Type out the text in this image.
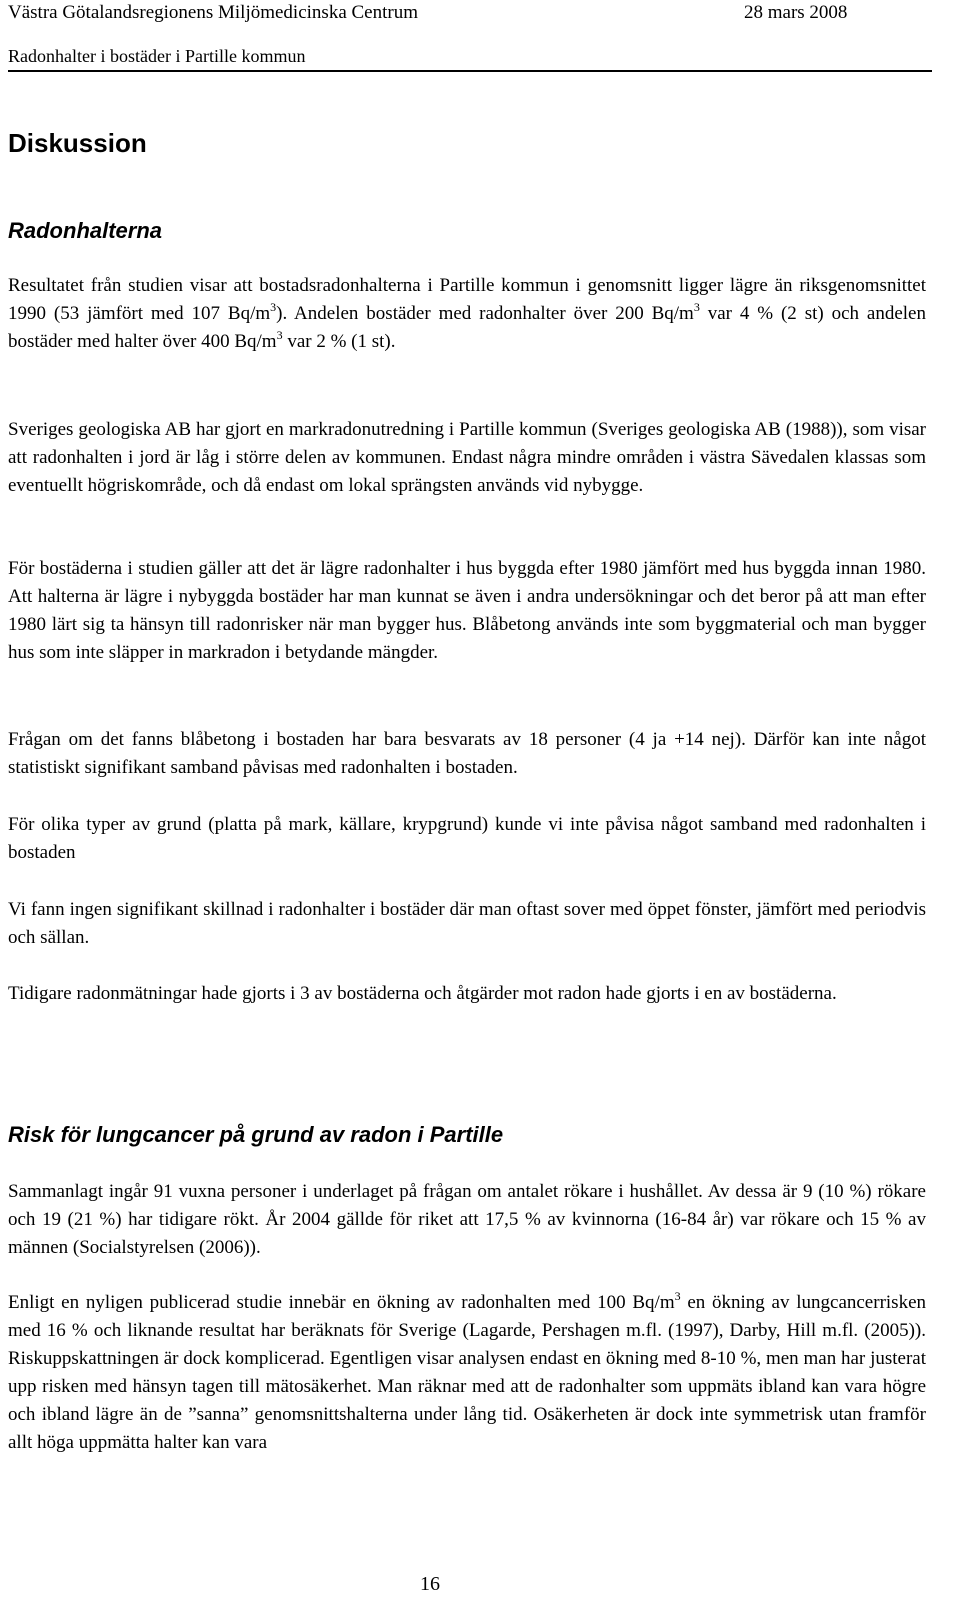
Västra Götalandsregionens Miljömedicinska Centrum	28 mars 2008
Radonhalter i bostäder i Partille kommun
Diskussion
Radonhalterna

Resultatet från studien visar att bostadsradonhalterna i Partille kommun i genomsnitt ligger lägre än riksgenomsnittet 1990 (53 jämfört med 107 $Bq/m^3$). Andelen bostäder med radonhalter över 200 $Bq/m^3$ var 4 % (2 st) och andelen bostäder med halter över 400 $Bq/m^3$ var 2 % (1 st).

Sveriges geologiska AB har gjort en markradonutredning i Partille kommun (Sveriges geologiska AB (1988)), som visar att radonhalten i jord är låg i större delen av kommunen. Endast några mindre områden i västra Sävedalen klassas som eventuellt högriskområde, och då endast om lokal sprängsten används vid nybygge.

För bostäderna i studien gäller att det är lägre radonhalter i hus byggda efter 1980 jämfört med hus byggda innan 1980. Att halterna är lägre i nybyggda bostäder har man kunnat se även i andra undersökningar och det beror på att man efter 1980 lärt sig ta hänsyn till radonrisker när man bygger hus. Blåbetong används inte som byggmaterial och man bygger hus som inte släpper in markradon i betydande mängder.

Frågan om det fanns blåbetong i bostaden har bara besvarats av 18 personer (4 ja +14 nej). Därför kan inte något statistiskt signifikant samband påvisas med radonhalten i bostaden.

För olika typer av grund (platta på mark, källare, krypgrund) kunde vi inte påvisa något samband med radonhalten i bostaden

Vi fann ingen signifikant skillnad i radonhalter i bostäder där man oftast sover med öppet fönster, jämfört med periodvis och sällan.

Tidigare radonmätningar hade gjorts i 3 av bostäderna och åtgärder mot radon hade gjorts i en av bostäderna.

Risk för lungcancer på grund av radon i Partille

Sammanlagt ingår 91 vuxna personer i underlaget på frågan om antalet rökare i hushållet. Av dessa är 9 (10 %) rökare och 19 (21 %) har tidigare rökt. År 2004 gällde för riket att 17,5 % av kvinnorna (16-84 år) var rökare och 15 % av männen (Socialstyrelsen (2006)).

Enligt en nyligen publicerad studie innebär en ökning av radonhalten med 100 $Bq/m^3$ en ökning av lungcancerrisken med 16 % och liknande resultat har beräknats för Sverige (Lagarde, Pershagen m.fl. (1997), Darby, Hill m.fl. (2005)). Riskuppskattningen är dock komplicerad. Egentligen visar analysen endast en ökning med 8-10 %, men man har justerat upp risken med hänsyn tagen till mätosäkerhet. Man räknar med att de radonhalter som uppmäts ibland kan vara högre och ibland lägre än de ”sanna” genomsnittshalterna under lång tid. Osäkerheten är dock inte symmetrisk utan framför allt höga uppmätta halter kan vara

16
